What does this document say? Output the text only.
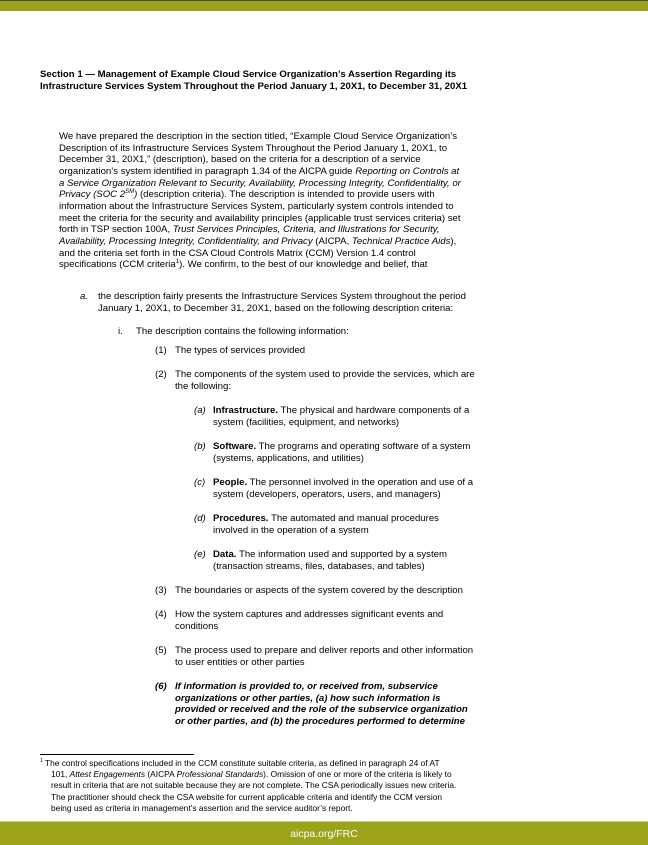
Section 1 — Management of Example Cloud Service Organization’s Assertion Regarding its
Infrastructure Services System Throughout the Period January 1, 20X1, to December 31, 20X1
We have prepared the description in the section titled, “Example Cloud Service Organization’s
Description of its Infrastructure Services System Throughout the Period January 1, 20X1, to
December 31, 20X1,” (description), based on the criteria for a description of a service
organization’s system identified in paragraph 1.34 of the AICPA guide Reporting on Controls at
a Service Organization Relevant to Security, Availability, Processing Integrity, Confidentiality, or
Privacy (SOC 2℠) (description criteria). The description is intended to provide users with
information about the Infrastructure Services System, particularly system controls intended to
meet the criteria for the security and availability principles (applicable trust services criteria) set
forth in TSP section 100A, Trust Services Principles, Criteria, and Illustrations for Security,
Availability, Processing Integrity, Confidentiality, and Privacy (AICPA, Technical Practice Aids),
and the criteria set forth in the CSA Cloud Controls Matrix (CCM) Version 1.4 control
specifications (CCM criteria$^1$). We confirm, to the best of our knowledge and belief, that
a. the description fairly presents the Infrastructure Services System throughout the period
January 1, 20X1, to December 31, 20X1, based on the following description criteria:
i. The description contains the following information:
(1) The types of services provided
(2) The components of the system used to provide the services, which are
the following:
(a) Infrastructure. The physical and hardware components of a
system (facilities, equipment, and networks)
(b) Software. The programs and operating software of a system
(systems, applications, and utilities)
(c) People. The personnel involved in the operation and use of a
system (developers, operators, users, and managers)
(d) Procedures. The automated and manual procedures
involved in the operation of a system
(e) Data. The information used and supported by a system
(transaction streams, files, databases, and tables)
(3) The boundaries or aspects of the system covered by the description
(4) How the system captures and addresses significant events and
conditions
(5) The process used to prepare and deliver reports and other information
to user entities or other parties
(6) If information is provided to, or received from, subservice
organizations or other parties, (a) how such information is
provided or received and the role of the subservice organization
or other parties, and (b) the procedures performed to determine
$^1$ The control specifications included in the CCM constitute suitable criteria, as defined in paragraph 24 of AT
101, Attest Engagements (AICPA Professional Standards). Omission of one or more of the criteria is likely to
result in criteria that are not suitable because they are not complete. The CSA periodically issues new criteria.
The practitioner should check the CSA website for current applicable criteria and identify the CCM version
being used as criteria in management’s assertion and the service auditor’s report.
aicpa.org/FRC
